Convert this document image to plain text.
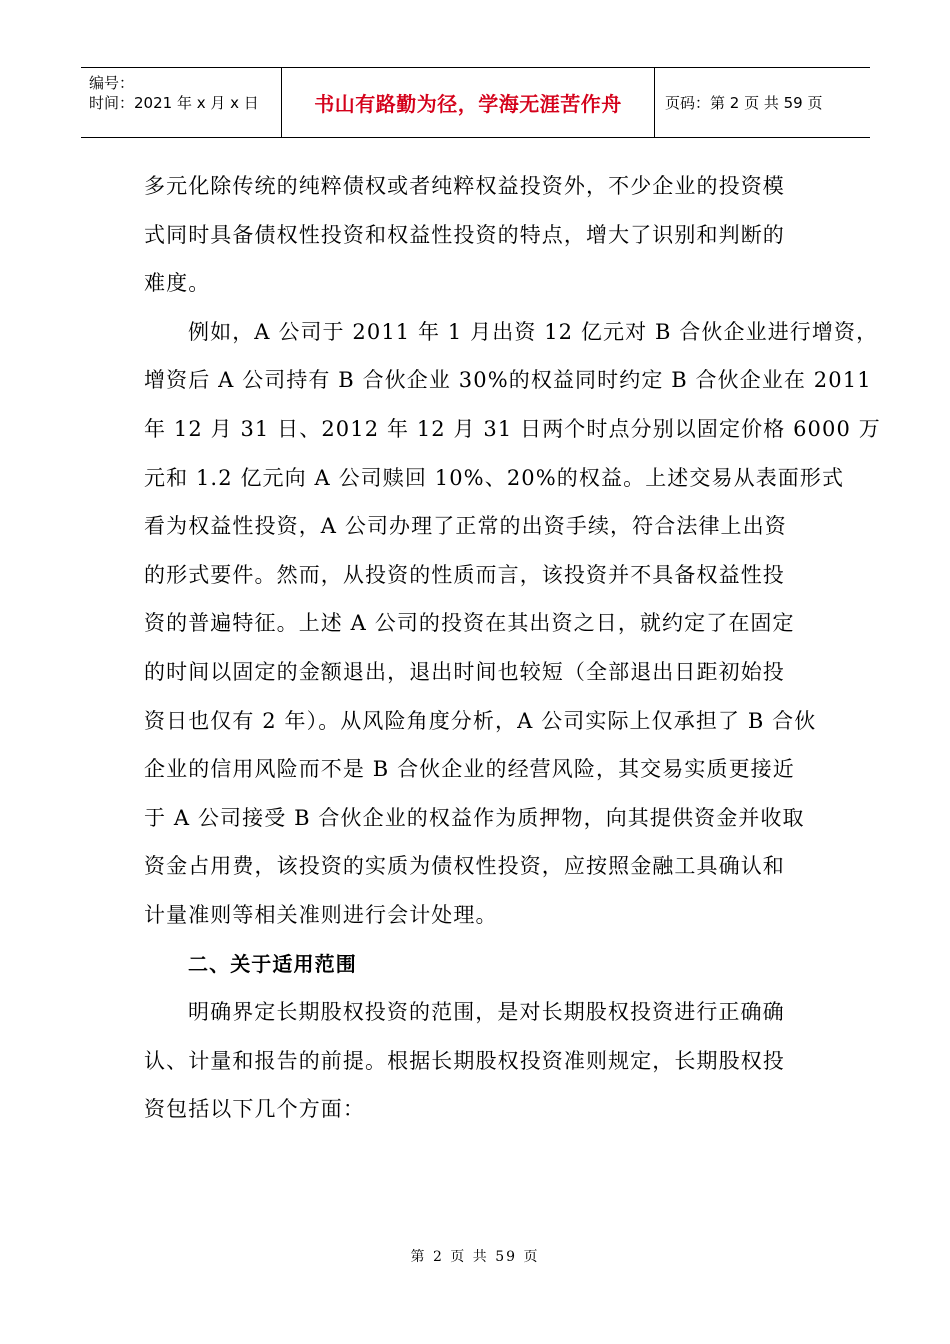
编号：
时间：2021 年 x 月 x 日	书山有路勤为径，学海无涯苦作舟	页码：第 2 页 共 59 页

多元化除传统的纯粹债权或者纯粹权益投资外，不少企业的投资模
式同时具备债权性投资和权益性投资的特点，增大了识别和判断的
难度。

例如，A 公司于 2011 年 1 月出资 12 亿元对 B 合伙企业进行增资，
增资后 A 公司持有 B 合伙企业 30%的权益同时约定 B 合伙企业在 2011
年 12 月 31 日、2012 年 12 月 31 日两个时点分别以固定价格 6000 万
元和 1.2 亿元向 A 公司赎回 10%、20%的权益。上述交易从表面形式
看为权益性投资，A 公司办理了正常的出资手续，符合法律上出资
的形式要件。然而，从投资的性质而言，该投资并不具备权益性投
资的普遍特征。上述 A 公司的投资在其出资之日，就约定了在固定
的时间以固定的金额退出，退出时间也较短（全部退出日距初始投
资日也仅有 2 年）。从风险角度分析，A 公司实际上仅承担了 B 合伙
企业的信用风险而不是 B 合伙企业的经营风险，其交易实质更接近
于 A 公司接受 B 合伙企业的权益作为质押物，向其提供资金并收取
资金占用费，该投资的实质为债权性投资，应按照金融工具确认和
计量准则等相关准则进行会计处理。

二、关于适用范围

明确界定长期股权投资的范围，是对长期股权投资进行正确确
认、计量和报告的前提。根据长期股权投资准则规定，长期股权投
资包括以下几个方面：

第 2 页 共 59 页
